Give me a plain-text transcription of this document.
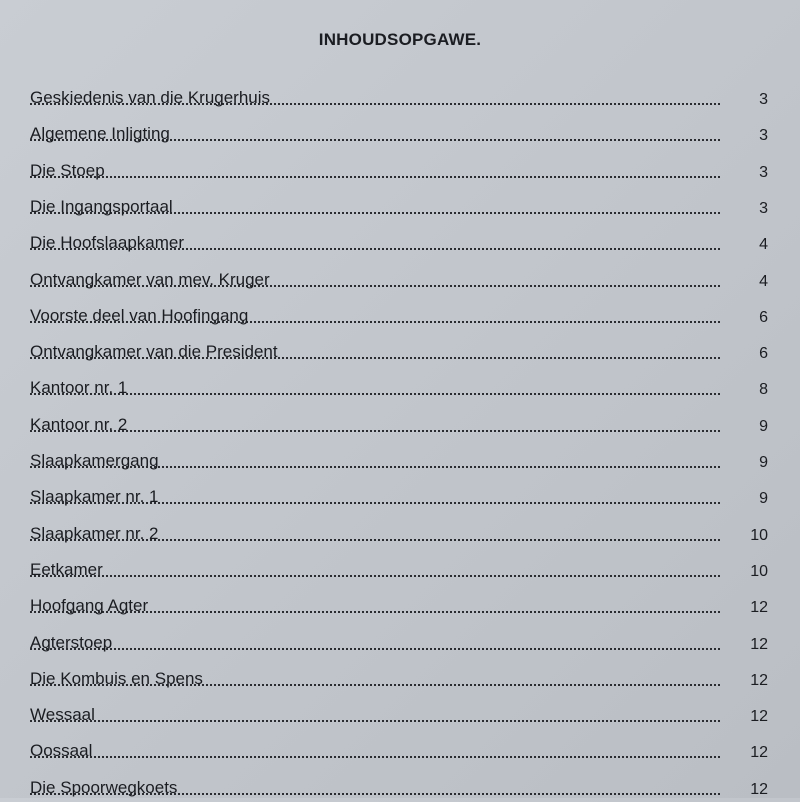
INHOUDSOPGAWE.
Geskiedenis van die Krugerhuis	3
Algemene Inligting	3
Die Stoep	3
Die Ingangsportaal	3
Die Hoofslaapkamer	4
Ontvangkamer van mev. Kruger	4
Voorste deel van Hoofingang	6
Ontvangkamer van die President	6
Kantoor nr. 1	8
Kantoor nr. 2	9
Slaapkamergang	9
Slaapkamer nr. 1	9
Slaapkamer nr. 2	10
Eetkamer	10
Hoofgang Agter	12
Agterstoep	12
Die Kombuis en Spens	12
Wessaal	12
Oossaal	12
Die Spoorwegkoets	12
